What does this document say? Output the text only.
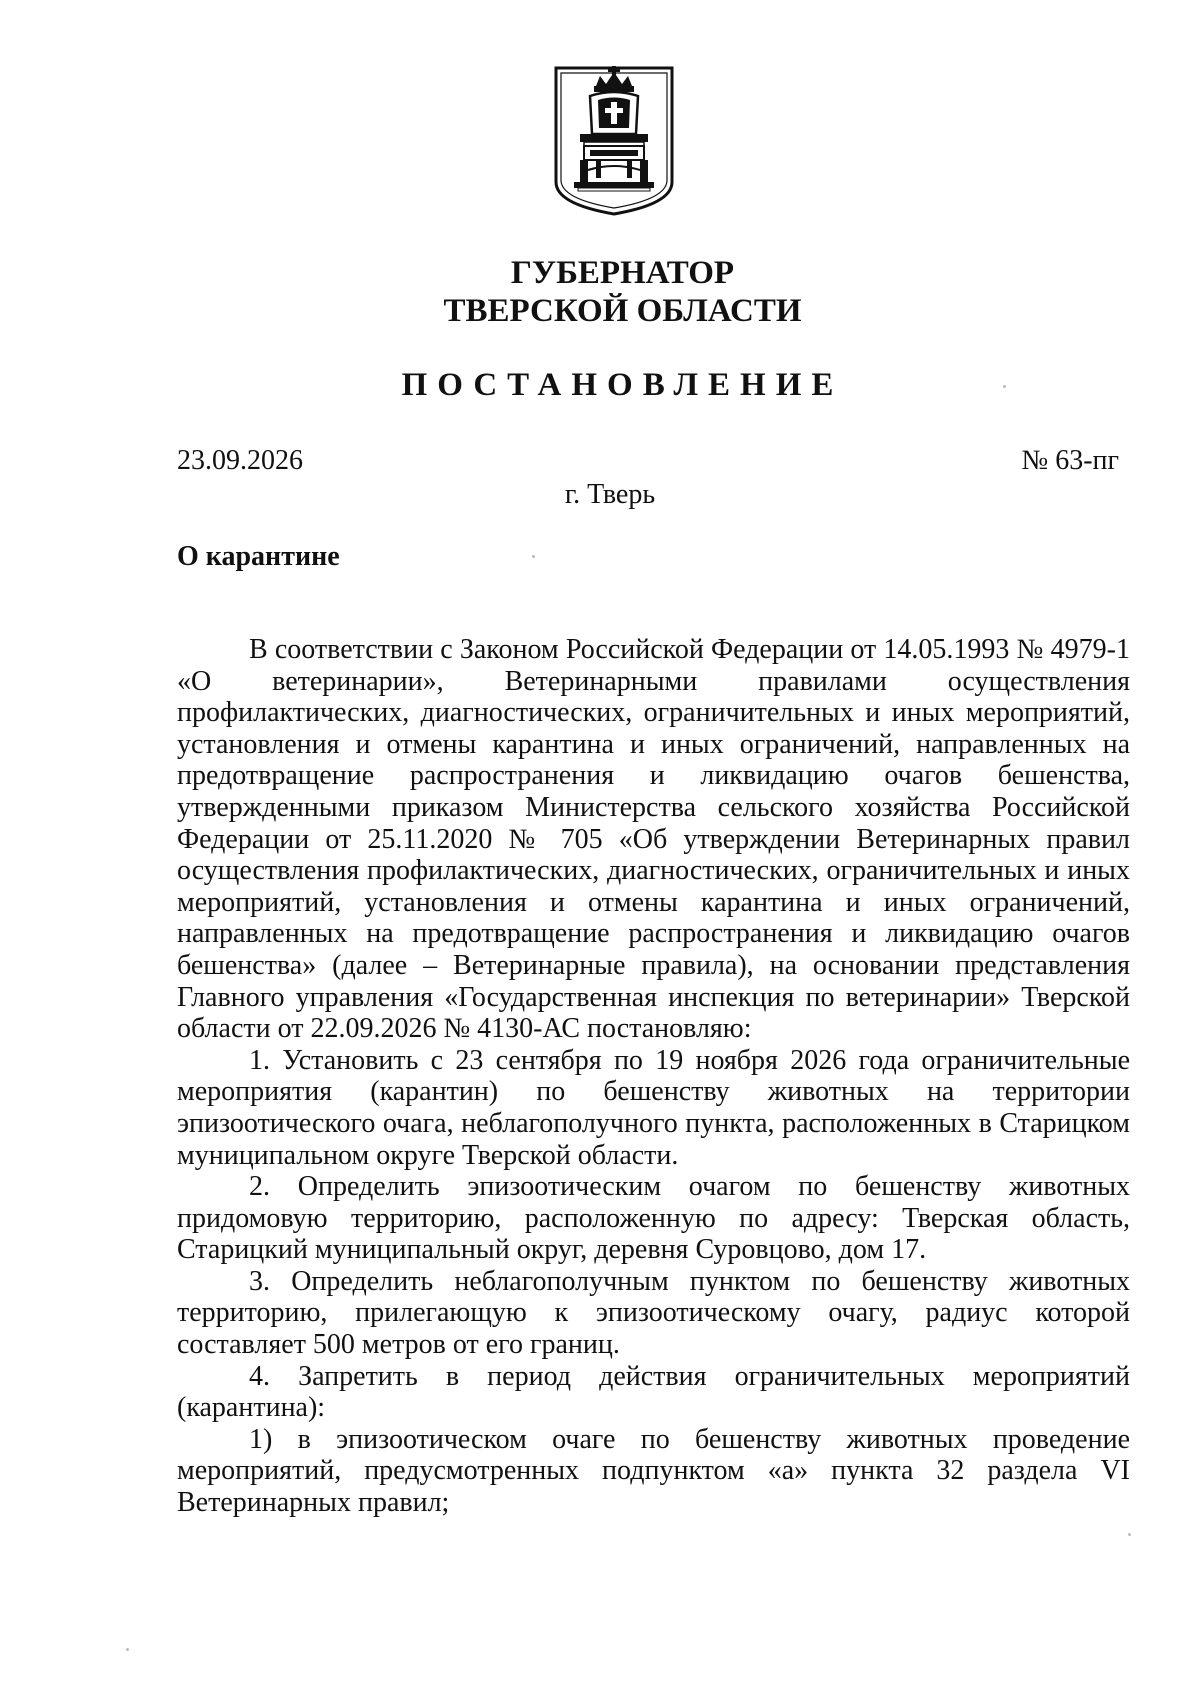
ГУБЕРНАТОР
ТВЕРСКОЙ ОБЛАСТИ
ПОСТАНОВЛЕНИЕ
23.09.2026	№ 63-пг
г. Тверь
О карантине

В соответствии с Законом Российской Федерации от 14.05.1993 № 4979-1 «О ветеринарии», Ветеринарными правилами осуществления профилактических, диагностических, ограничительных и иных мероприятий, установления и отмены карантина и иных ограничений, направленных на предотвращение распространения и ликвидацию очагов бешенства, утвержденными приказом Министерства сельского хозяйства Российской Федерации от 25.11.2020 № 705 «Об утверждении Ветеринарных правил осуществления профилактических, диагностических, ограничительных и иных мероприятий, установления и отмены карантина и иных ограничений, направленных на предотвращение распространения и ликвидацию очагов бешенства» (далее – Ветеринарные правила), на основании представления Главного управления «Государственная инспекция по ветеринарии» Тверской области от 22.09.2026 № 4130-АС постановляю:

1. Установить с 23 сентября по 19 ноября 2026 года ограничительные мероприятия (карантин) по бешенству животных на территории эпизоотического очага, неблагополучного пункта, расположенных в Старицком муниципальном округе Тверской области.

2. Определить эпизоотическим очагом по бешенству животных придомовую территорию, расположенную по адресу: Тверская область, Старицкий муниципальный округ, деревня Суровцово, дом 17.

3. Определить неблагополучным пунктом по бешенству животных территорию, прилегающую к эпизоотическому очагу, радиус которой составляет 500 метров от его границ.

4. Запретить в период действия ограничительных мероприятий (карантина):

1) в эпизоотическом очаге по бешенству животных проведение мероприятий, предусмотренных подпунктом «а» пункта 32 раздела VI Ветеринарных правил;
